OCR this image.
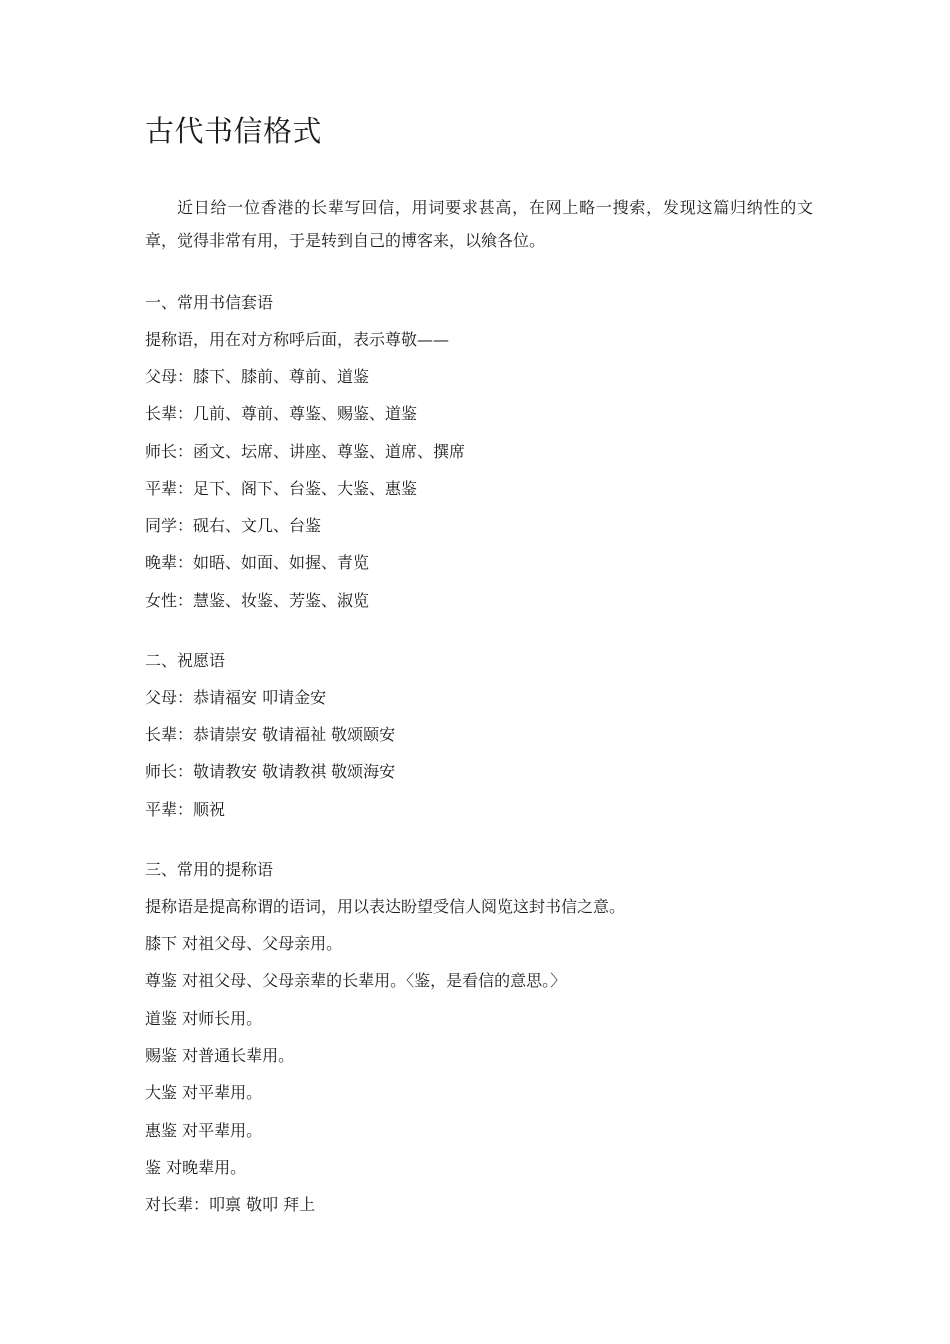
古代书信格式
近日给一位香港的长辈写回信，用词要求甚高，在网上略一搜索，发现这篇归纳性的文章，觉得非常有用，于是转到自己的博客来，以飨各位。
一、常用书信套语
提称语，用在对方称呼后面，表示尊敬——
父母：膝下、膝前、尊前、道鉴
长辈：几前、尊前、尊鉴、赐鉴、道鉴
师长：函文、坛席、讲座、尊鉴、道席、撰席
平辈：足下、阁下、台鉴、大鉴、惠鉴
同学：砚右、文几、台鉴
晚辈：如晤、如面、如握、青览
女性：慧鉴、妆鉴、芳鉴、淑览
二、祝愿语
父母：恭请福安 叩请金安
长辈：恭请崇安 敬请福祉 敬颂颐安
师长：敬请教安 敬请教祺 敬颂海安
平辈：顺祝
三、常用的提称语
提称语是提高称谓的语词，用以表达盼望受信人阅览这封书信之意。
膝下 对祖父母、父母亲用。
尊鉴 对祖父母、父母亲辈的长辈用。〈鉴，是看信的意思。〉
道鉴 对师长用。
赐鉴 对普通长辈用。
大鉴 对平辈用。
惠鉴 对平辈用。
鉴 对晚辈用。
对长辈：叩禀 敬叩 拜上
